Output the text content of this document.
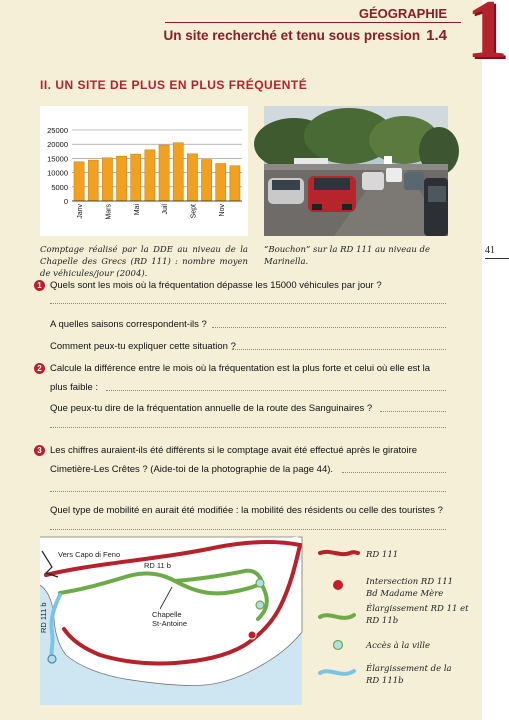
GÉOGRAPHIE
Un site recherché et tenu sous pression 1.4 1
II. UN SITE DE PLUS EN PLUS FRÉQUENTÉ
25000
20000
15000
10000
5000
0
Janv	Mars	Mai	Juil	Sept	Nov
Comptage réalisé par la DDE au niveau de la Chapelle des Grecs (RD 111) : nombre moyen de véhicules/jour (2004).
“Bouchon” sur la RD 111 au niveau de Marinella.
41
1 Quels sont les mois où la fréquentation dépasse les 15000 véhicules par jour ?
A quelles saisons correspondent-ils ?
Comment peux-tu expliquer cette situation ?
2 Calcule la différence entre le mois où la fréquentation est la plus forte et celui où elle est la
plus faible :
Que peux-tu dire de la fréquentation annuelle de la route des Sanguinaires ?
3 Les chiffres auraient-ils été différents si le comptage avait été effectué après le giratoire
Cimetière-Les Crêtes ? (Aide-toi de la photographie de la page 44).
Quel type de mobilité en aurait été modifiée : la mobilité des résidents ou celle des touristes ?
Vers Capo di Feno
RD 11 b
Chapelle
St-Antoine
RD 111 b
RD 111
Intersection RD 111
Bd Madame Mère
Élargissement RD 11 et
RD 11b
Accès à la ville
Élargissement de la
RD 111b
